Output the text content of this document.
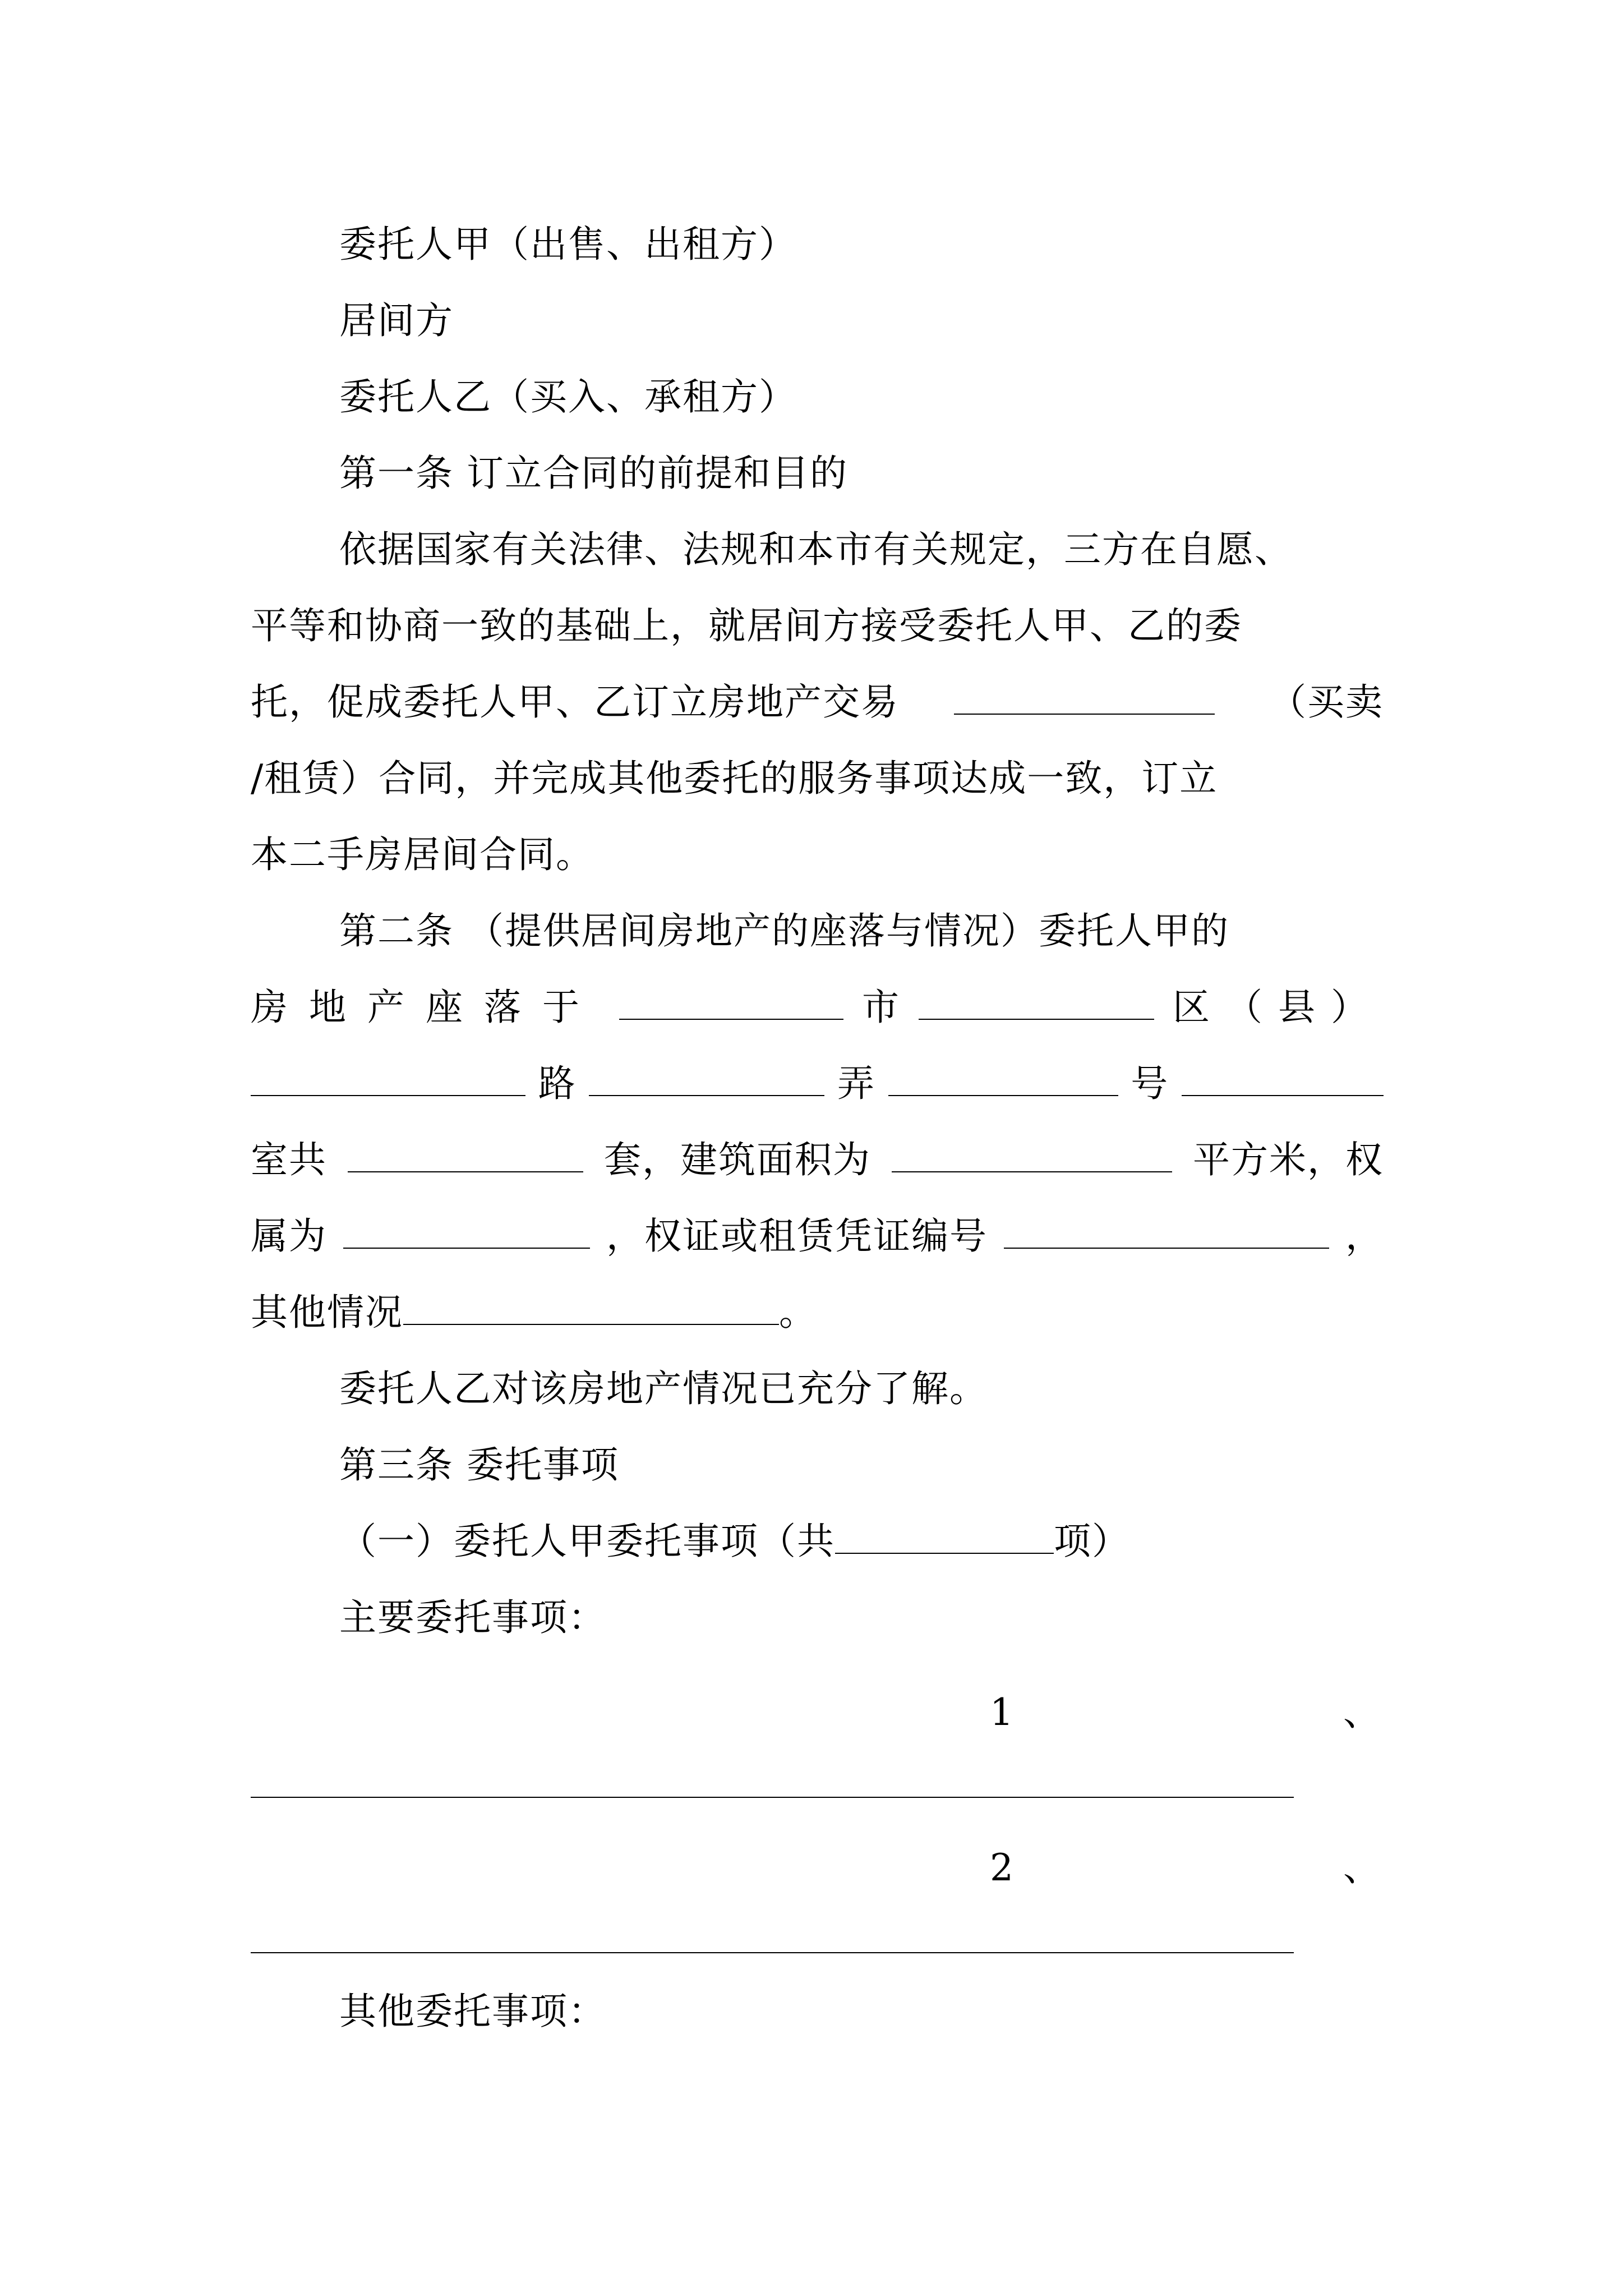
委托人甲（出售、出租方）
居间方
委托人乙（买入、承租方）
第一条 订立合同的前提和目的
依据国家有关法律、法规和本市有关规定，三方在自愿、
平等和协商一致的基础上，就居间方接受委托人甲、乙的委
托，促成委托人甲、乙订立房地产交易	（买卖
/租赁）合同，并完成其他委托的服务事项达成一致，订立
本二手房居间合同。
第二条 （提供居间房地产的座落与情况）委托人甲的
房地产座落于	市	区（县）
路	弄	号
室共	套，建筑面积为	平方米，权
属为	，权证或租赁凭证编号	，
其他情况	。
委托人乙对该房地产情况已充分了解。
第三条 委托事项
（一）委托人甲委托事项（共	项）
主要委托事项：
1	、
2	、
其他委托事项：
